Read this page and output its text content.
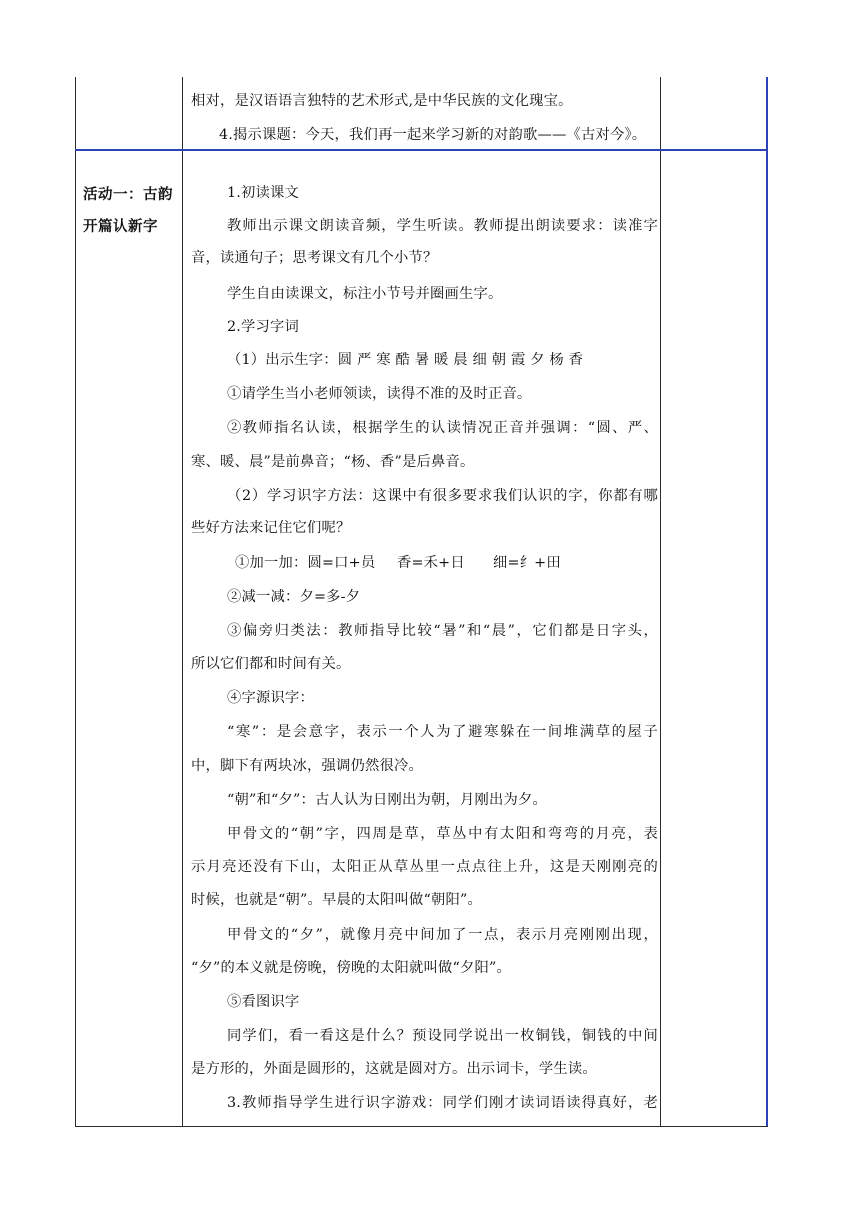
活动一：古韵
开篇认新字
相对，是汉语语言独特的艺术形式,是中华民族的文化瑰宝。
4.揭示课题：今天，我们再一起来学习新的对韵歌——《古对今》。
1.初读课文
教师出示课文朗读音频，学生听读。教师提出朗读要求：读准字
音，读通句子；思考课文有几个小节？
学生自由读课文，标注小节号并圈画生字。
2.学习字词
（1）出示生字：圆 严 寒 酷 暑 暖 晨 细 朝 霞 夕 杨 香
①请学生当小老师领读，读得不准的及时正音。
②教师指名认读，根据学生的认读情况正音并强调：“圆、严、
寒、暖、晨”是前鼻音；“杨、香”是后鼻音。
（2）学习识字方法：这课中有很多要求我们认识的字，你都有哪
些好方法来记住它们呢？
①加一加：圆=口+员 香=禾+日 细=纟+田
②减一减：夕=多-夕
③偏旁归类法：教师指导比较“暑”和“晨”，它们都是日字头，
所以它们都和时间有关。
④字源识字：
“寒”：是会意字，表示一个人为了避寒躲在一间堆满草的屋子
中，脚下有两块冰，强调仍然很冷。
“朝”和“夕”：古人认为日刚出为朝，月刚出为夕。
甲骨文的“朝”字，四周是草，草丛中有太阳和弯弯的月亮，表
示月亮还没有下山，太阳正从草丛里一点点往上升，这是天刚刚亮的
时候，也就是“朝”。早晨的太阳叫做“朝阳”。
甲骨文的“夕”，就像月亮中间加了一点，表示月亮刚刚出现，
“夕”的本义就是傍晚，傍晚的太阳就叫做“夕阳”。
⑤看图识字
同学们，看一看这是什么？预设同学说出一枚铜钱，铜钱的中间
是方形的，外面是圆形的，这就是圆对方。出示词卡，学生读。
3.教师指导学生进行识字游戏：同学们刚才读词语读得真好，老
